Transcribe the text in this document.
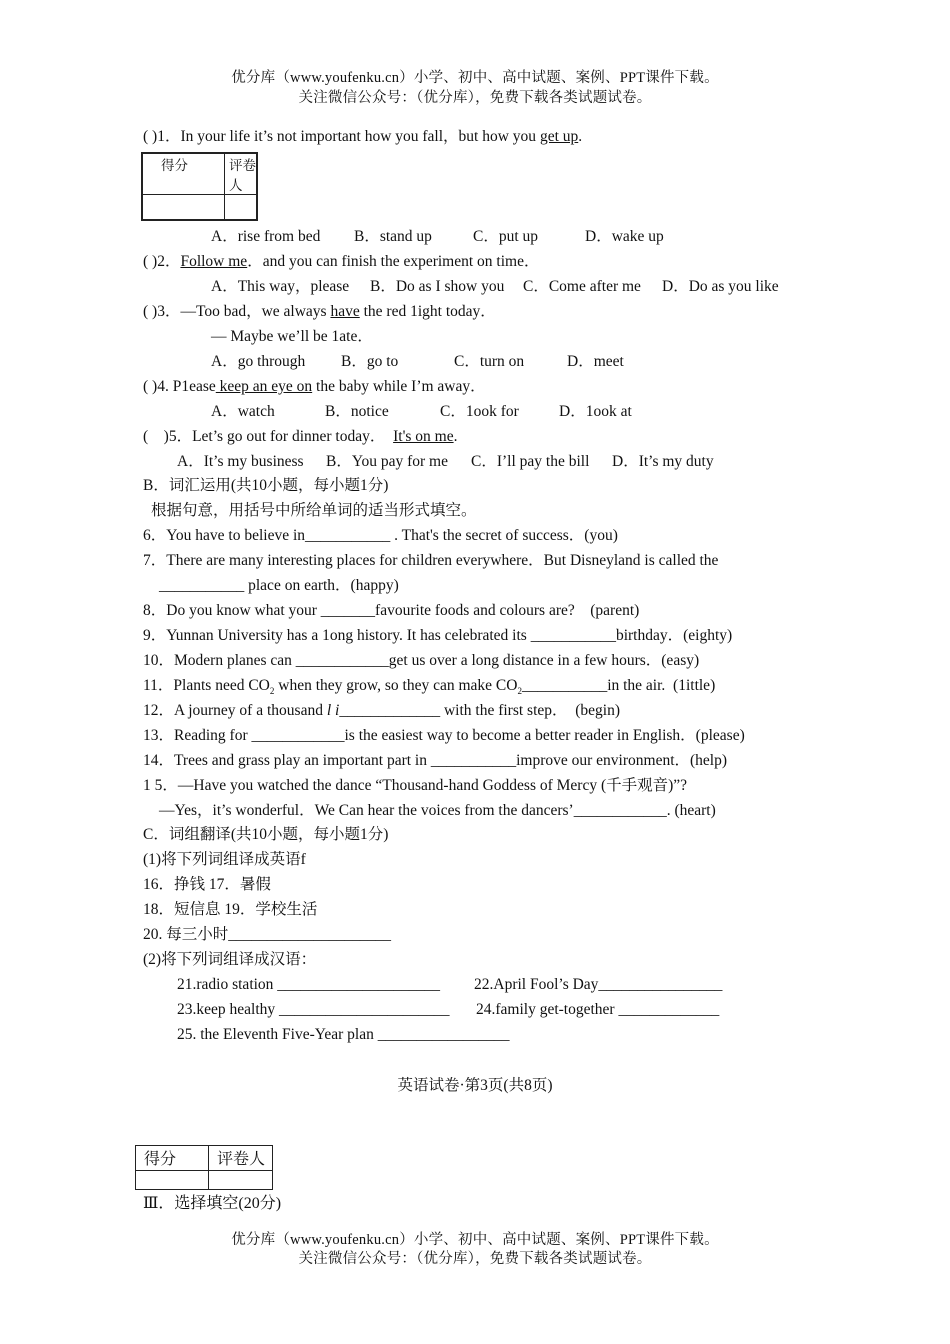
优分库（www.youfenku.cn）小学、初中、高中试题、案例、PPT课件下载。
关注微信公众号：（优分库），免费下载各类试题试卷。
( )1．In your life it’s not important how you fall，but how you get up.
得分	评卷人

A．rise from bed B．stand up	C．put up	D．wake up
( )2．Follow me．and you can finish the experiment on time．
A．This way，please B．Do as I show you C．Come after me D．Do as you like
( )3．—Too bad，we always have the red 1ight today．
— Maybe we’ll be 1ate．
A．go through B．go to	C．turn on	D．meet
( )4. P1ease keep an eye on the baby while I’m away．
A．watch	B．notice	C．1ook for	D．1ook at
(    )5．Let’s go out for dinner today．  It's on me.
A．It’s my business B．You pay for me C．I’ll pay the bill D．It’s my duty
B．词汇运用(共10小题，每小题1分)
根据句意，用括号中所给单词的适当形式填空。
6．You have to believe in___________ . That's the secret of success．(you)
7．There are many interesting places for children everywhere．But Disneyland is called the
___________ place on earth．(happy)
8．Do you know what your _______favourite foods and colours are?    (parent)
9．Yunnan University has a 1ong history. It has celebrated its ___________birthday．(eighty)
10．Modern planes can ____________get us over a long distance in a few hours．(easy)
11．Plants need $CO_2$ when they grow, so they can make $CO_2\_\_\_\_\_\_\_\_\_\_\_in$ the air.  (1ittle)
12．A journey of a thousand l i_____________ with the first step．  (begin)
13．Reading for ____________is the easiest way to become a better reader in English．(please)
14．Trees and grass play an important part in ___________improve our environment．(help)
1 5．—Have you watched the dance “Thousand-hand Goddess of Mercy (千手观音)”?
—Yes，it’s wonderful．We Can hear the voices from the dancers’____________. (heart)
C．词组翻译(共10小题，每小题1分)
(1)将下列词组译成英语f
16．挣钱 17．暑假
18．短信息 19．学校生活
20. 每三小时_____________________
(2)将下列词组译成汉语：
21.radio station _____________________ 22.April Fool’s Day________________
23.keep healthy ______________________ 24.family get-together _____________
25. the Eleventh Five-Year plan _________________
英语试卷·第3页(共8页)
得分	评卷人

Ⅲ．选择填空(20分)
优分库（www.youfenku.cn）小学、初中、高中试题、案例、PPT课件下载。
关注微信公众号：（优分库），免费下载各类试题试卷。
